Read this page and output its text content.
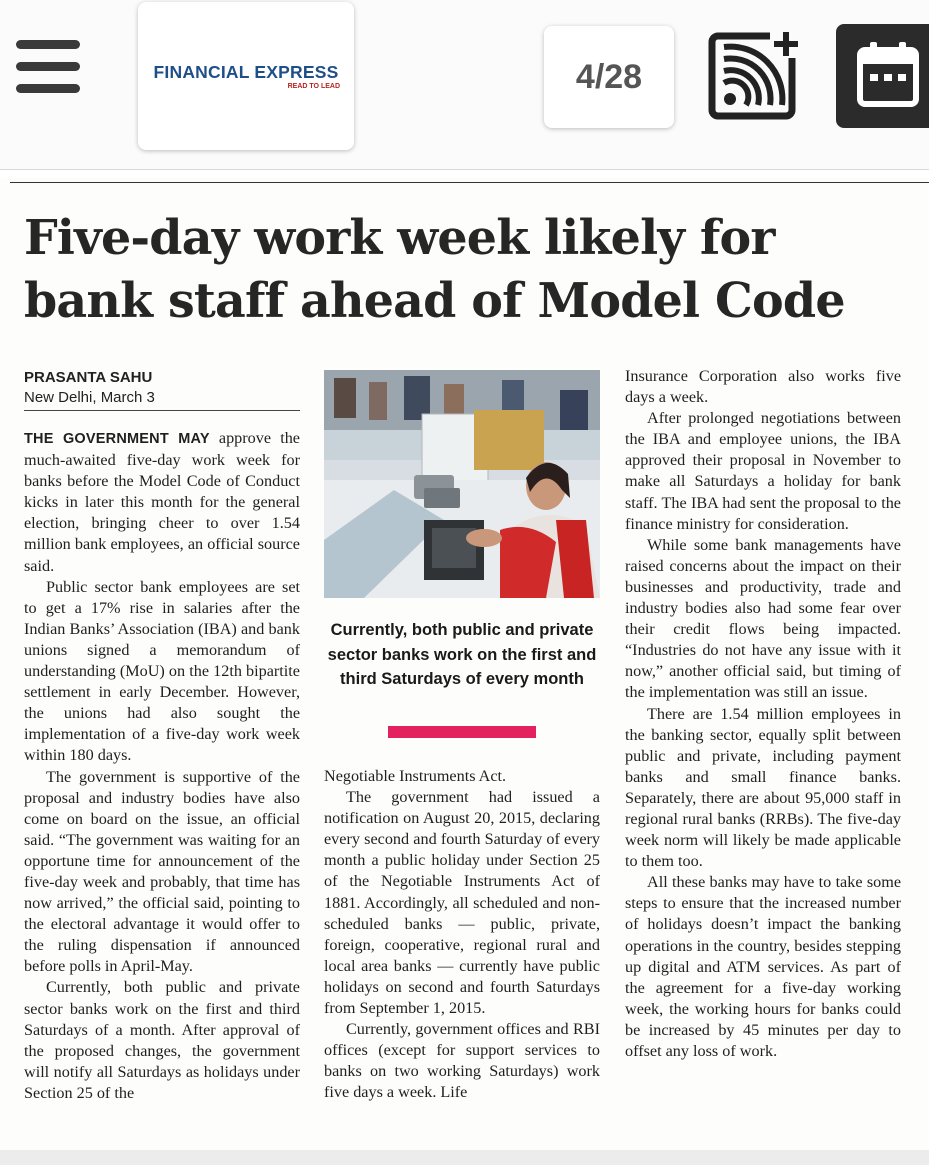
FINANCIAL EXPRESS
READ TO LEAD	4/28
Five-day work week likely for bank staff ahead of Model Code
PRASANTA SAHU
New Delhi, March 3

THE GOVERNMENT MAY approve the much-awaited five-day work week for banks before the Model Code of Conduct kicks in later this month for the general election, bringing cheer to over 1.54 million bank employees, an official source said.

Public sector bank employees are set to get a 17% rise in salaries after the Indian Banks’ Association (IBA) and bank unions signed a memorandum of understanding (MoU) on the 12th bipartite settlement in early December. However, the unions had also sought the implementation of a five-day work week within 180 days.

The government is supportive of the proposal and industry bodies have also come on board on the issue, an official said. “The government was waiting for an opportune time for announcement of the five-day week and probably, that time has now arrived,” the official said, pointing to the electoral advantage it would offer to the ruling dispensation if announced before polls in April-May.

Currently, both public and private sector banks work on the first and third Saturdays of a month. After approval of the proposed changes, the government will notify all Saturdays as holidays under Section 25 of the

Currently, both public and private sector banks work on the first and third Saturdays of every month

Negotiable Instruments Act.

The government had issued a notification on August 20, 2015, declaring every second and fourth Saturday of every month a public holiday under Section 25 of the Negotiable Instruments Act of 1881. Accordingly, all scheduled and non-scheduled banks — public, private, foreign, cooperative, regional rural and local area banks — currently have public holidays on second and fourth Saturdays from September 1, 2015.

Currently, government offices and RBI offices (except for support services to banks on two working Saturdays) work five days a week. Life

Insurance Corporation also works five days a week.

After prolonged negotiations between the IBA and employee unions, the IBA approved their proposal in November to make all Saturdays a holiday for bank staff. The IBA had sent the proposal to the finance ministry for consideration.

While some bank managements have raised concerns about the impact on their businesses and productivity, trade and industry bodies also had some fear over their credit flows being impacted. “Industries do not have any issue with it now,” another official said, but timing of the implementation was still an issue.

There are 1.54 million employees in the banking sector, equally split between public and private, including payment banks and small finance banks. Separately, there are about 95,000 staff in regional rural banks (RRBs). The five-day week norm will likely be made applicable to them too.

All these banks may have to take some steps to ensure that the increased number of holidays doesn’t impact the banking operations in the country, besides stepping up digital and ATM services. As part of the agreement for a five-day working week, the working hours for banks could be increased by 45 minutes per day to offset any loss of work.
